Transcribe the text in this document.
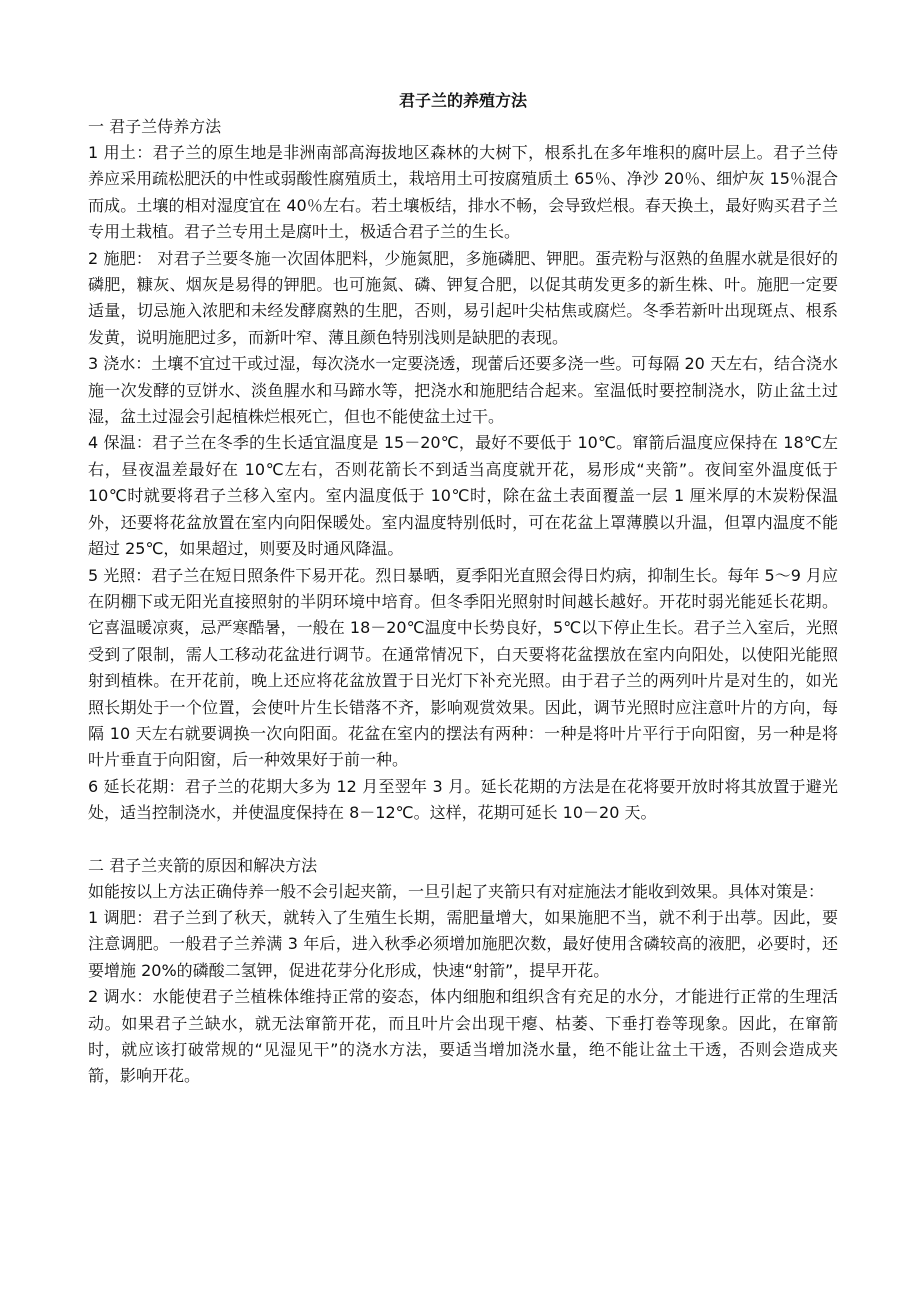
君子兰的养殖方法

一 君子兰侍养方法

1 用土：君子兰的原生地是非洲南部高海拔地区森林的大树下，根系扎在多年堆积的腐叶层上。君子兰侍养应采用疏松肥沃的中性或弱酸性腐殖质土，栽培用土可按腐殖质土 65％、净沙 20％、细炉灰 15％混合而成。土壤的相对湿度宜在 40％左右。若土壤板结，排水不畅，会导致烂根。春天换土，最好购买君子兰专用土栽植。君子兰专用土是腐叶土，极适合君子兰的生长。

2 施肥： 对君子兰要冬施一次固体肥料，少施氮肥，多施磷肥、钾肥。蛋壳粉与沤熟的鱼腥水就是很好的磷肥，糠灰、烟灰是易得的钾肥。也可施氮、磷、钾复合肥，以促其萌发更多的新生株、叶。施肥一定要适量，切忌施入浓肥和未经发酵腐熟的生肥，否则，易引起叶尖枯焦或腐烂。冬季若新叶出现斑点、根系发黄，说明施肥过多，而新叶窄、薄且颜色特别浅则是缺肥的表现。

3 浇水：土壤不宜过干或过湿，每次浇水一定要浇透，现蕾后还要多浇一些。可每隔 20 天左右，结合浇水施一次发酵的豆饼水、淡鱼腥水和马蹄水等，把浇水和施肥结合起来。室温低时要控制浇水，防止盆土过湿，盆土过湿会引起植株烂根死亡，但也不能使盆土过干。

4 保温：君子兰在冬季的生长适宜温度是 15－20℃，最好不要低于 10℃。窜箭后温度应保持在 18℃左右，昼夜温差最好在 10℃左右，否则花箭长不到适当高度就开花，易形成“夹箭”。夜间室外温度低于 10℃时就要将君子兰移入室内。室内温度低于 10℃时，除在盆土表面覆盖一层 1 厘米厚的木炭粉保温外，还要将花盆放置在室内向阳保暖处。室内温度特别低时，可在花盆上罩薄膜以升温，但罩内温度不能超过 25℃，如果超过，则要及时通风降温。

5 光照：君子兰在短日照条件下易开花。烈日暴晒，夏季阳光直照会得日灼病，抑制生长。每年 5～9 月应在阴棚下或无阳光直接照射的半阴环境中培育。但冬季阳光照射时间越长越好。开花时弱光能延长花期。它喜温暖凉爽，忌严寒酷暑，一般在 18－20℃温度中长势良好，5℃以下停止生长。君子兰入室后，光照受到了限制，需人工移动花盆进行调节。在通常情况下，白天要将花盆摆放在室内向阳处，以使阳光能照射到植株。在开花前，晚上还应将花盆放置于日光灯下补充光照。由于君子兰的两列叶片是对生的，如光照长期处于一个位置，会使叶片生长错落不齐，影响观赏效果。因此，调节光照时应注意叶片的方向，每隔 10 天左右就要调换一次向阳面。花盆在室内的摆法有两种：一种是将叶片平行于向阳窗，另一种是将叶片垂直于向阳窗，后一种效果好于前一种。

6 延长花期：君子兰的花期大多为 12 月至翌年 3 月。延长花期的方法是在花将要开放时将其放置于避光处，适当控制浇水，并使温度保持在 8－12℃。这样，花期可延长 10－20 天。

二 君子兰夹箭的原因和解决方法

如能按以上方法正确侍养一般不会引起夹箭，一旦引起了夹箭只有对症施法才能收到效果。具体对策是：

1 调肥：君子兰到了秋天，就转入了生殖生长期，需肥量增大，如果施肥不当，就不利于出葶。因此，要注意调肥。一般君子兰养满 3 年后，进入秋季必须增加施肥次数，最好使用含磷较高的液肥，必要时，还要增施 20%的磷酸二氢钾，促进花芽分化形成，快速“射箭”，提早开花。

2 调水：水能使君子兰植株体维持正常的姿态，体内细胞和组织含有充足的水分，才能进行正常的生理活动。如果君子兰缺水，就无法窜箭开花，而且叶片会出现干瘪、枯萎、下垂打卷等现象。因此，在窜箭时，就应该打破常规的“见湿见干”的浇水方法，要适当增加浇水量，绝不能让盆土干透，否则会造成夹箭，影响开花。
